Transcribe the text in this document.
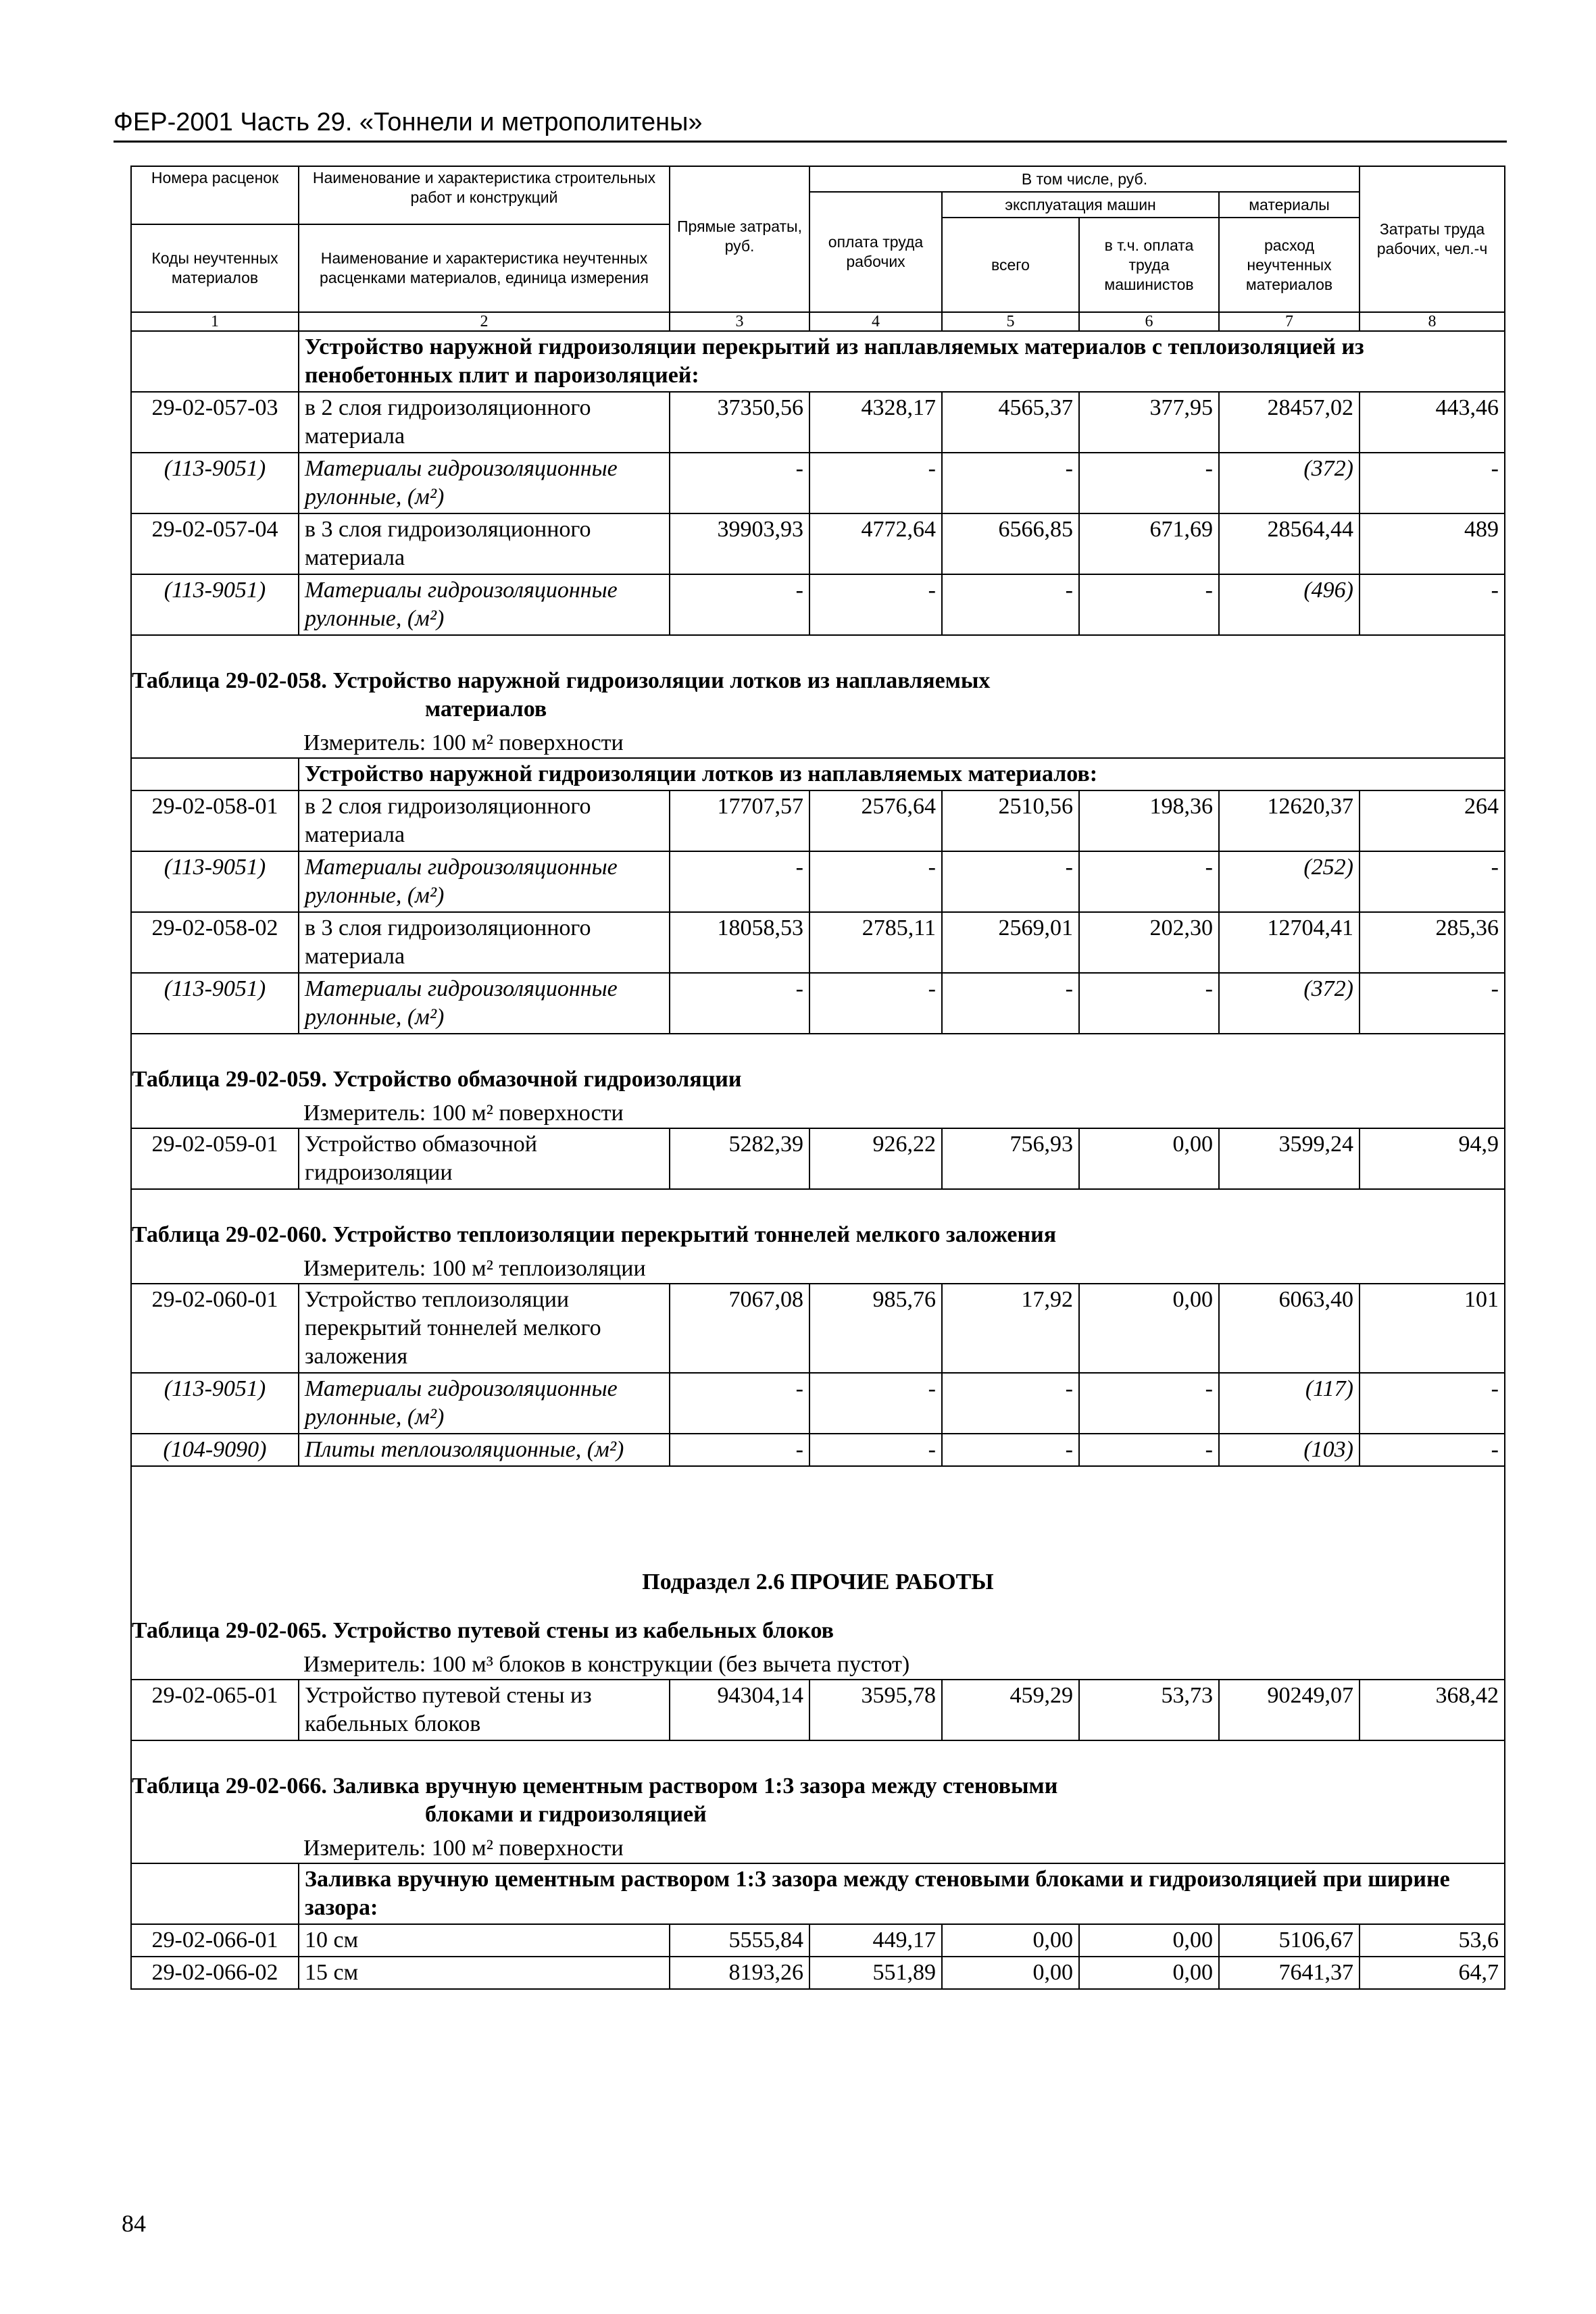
ФЕР-2001 Часть 29. «Тоннели и метрополитены»
Номера расценок	Наименование и характеристика строительных работ и конструкций	Прямые затраты, руб.	В том числе, руб.				Затраты труда рабочих, чел.-ч
			оплата труда рабочих	эксплуатация машин		материалы	
				всего	в т.ч. оплата труда машинистов	расход неучтенных материалов	
Коды неучтенных материалов	Наименование и характеристика неучтенных расценками материалов, единица измерения						

1	2	3	4	5	6	7	8
	Устройство наружной гидроизоляции перекрытий из наплавляемых материалов с теплоизоляцией из пенобетонных плит и пароизоляцией:						
29-02-057-03	в 2 слоя гидроизоляционного материала	37350,56	4328,17	4565,37	377,95	28457,02	443,46
(113-9051)	Материалы гидроизоляционные рулонные, (м²)	-	-	-	-	(372)	-
29-02-057-04	в 3 слоя гидроизоляционного материала	39903,93	4772,64	6566,85	671,69	28564,44	489
(113-9051)	Материалы гидроизоляционные рулонные, (м²)	-	-	-	-	(496)	-
Таблица 29-02-058. Устройство наружной гидроизоляции лотков из наплавляемых
материалов							

Измеритель: 100 м² поверхности							
	Устройство наружной гидроизоляции лотков из наплавляемых материалов:						
29-02-058-01	в 2 слоя гидроизоляционного материала	17707,57	2576,64	2510,56	198,36	12620,37	264
(113-9051)	Материалы гидроизоляционные рулонные, (м²)	-	-	-	-	(252)	-
29-02-058-02	в 3 слоя гидроизоляционного материала	18058,53	2785,11	2569,01	202,30	12704,41	285,36
(113-9051)	Материалы гидроизоляционные рулонные, (м²)	-	-	-	-	(372)	-
Таблица 29-02-059. Устройство обмазочной гидроизоляции							
Измеритель: 100 м² поверхности							
29-02-059-01	Устройство обмазочной гидроизоляции	5282,39	926,22	756,93	0,00	3599,24	94,9
Таблица 29-02-060. Устройство теплоизоляции перекрытий тоннелей мелкого заложения							
Измеритель: 100 м² теплоизоляции							
29-02-060-01	Устройство теплоизоляции перекрытий тоннелей мелкого заложения	7067,08	985,76	17,92	0,00	6063,40	101
(113-9051)	Материалы гидроизоляционные рулонные, (м²)	-	-	-	-	(117)	-
(104-9090)	Плиты теплоизоляционные, (м²)	-	-	-	-	(103)	-
Подраздел 2.6 ПРОЧИЕ РАБОТЫ							
Таблица 29-02-065. Устройство путевой стены из кабельных блоков							
Измеритель: 100 м³ блоков в конструкции (без вычета пустот)							
29-02-065-01	Устройство путевой стены из кабельных блоков	94304,14	3595,78	459,29	53,73	90249,07	368,42
Таблица 29-02-066. Заливка вручную цементным раствором 1:3 зазора между стеновыми
блоками и гидроизоляцией							

Измеритель: 100 м² поверхности							
	Заливка вручную цементным раствором 1:3 зазора между стеновыми блоками и гидроизоляцией при ширине зазора:						
29-02-066-01	10 см	5555,84	449,17	0,00	0,00	5106,67	53,6
29-02-066-02	15 см	8193,26	551,89	0,00	0,00	7641,37	64,7
84
